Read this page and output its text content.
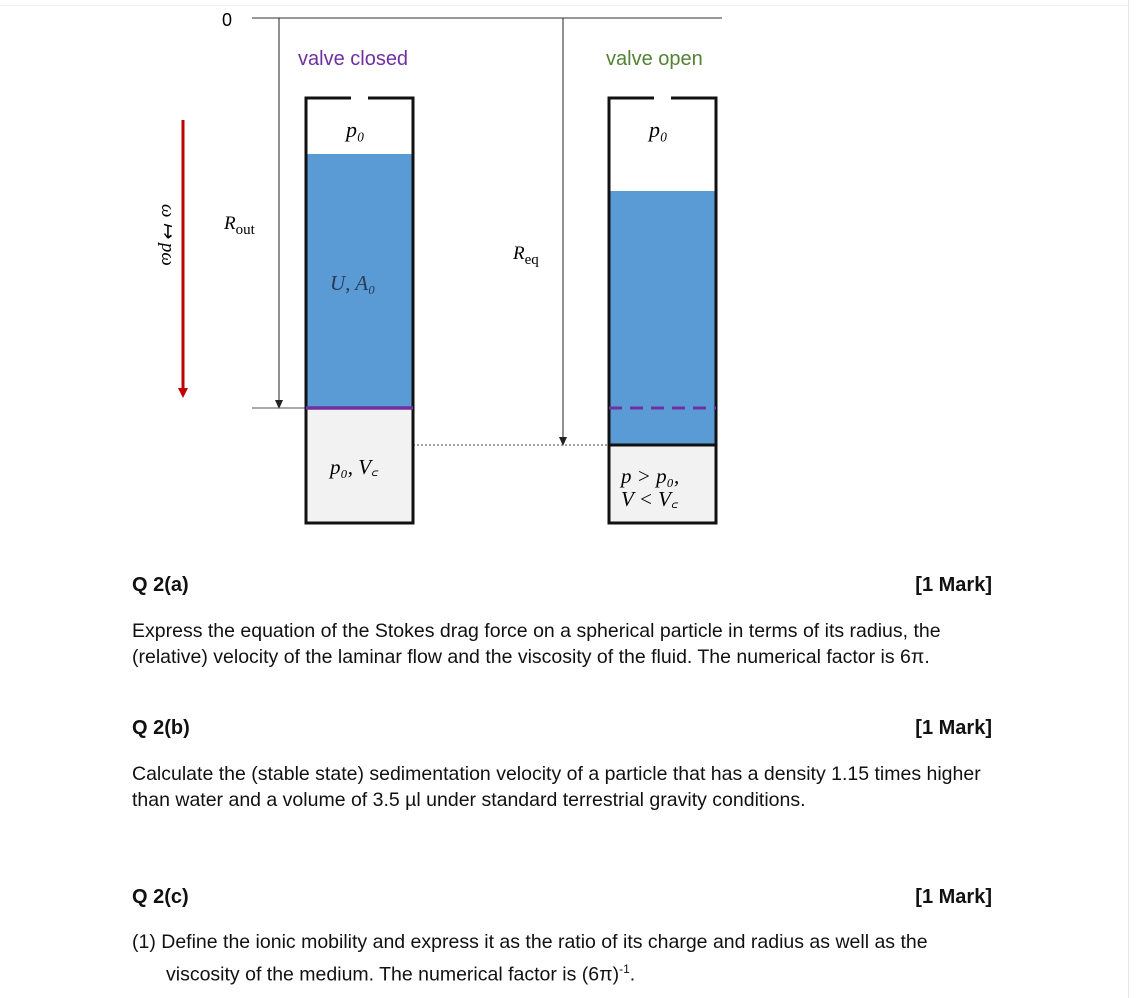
0
ω ↦ pω $R_{out}$
$R_{eq}$
valve closed
p₀
U, A₀
p₀, V꜀
valve open
p₀
p > p₀,
V < V꜀
Q 2(a)	[1 Mark]
Express the equation of the Stokes drag force on a spherical particle in terms of its radius, the (relative) velocity of the laminar flow and the viscosity of the fluid. The numerical factor is 6π.
Q 2(b)	[1 Mark]
Calculate the (stable state) sedimentation velocity of a particle that has a density 1.15 times higher than water and a volume of 3.5 µl under standard terrestrial gravity conditions.
Q 2(c)	[1 Mark]
(1) Define the ionic mobility and express it as the ratio of its charge and radius as well as the viscosity of the medium. The numerical factor is $(6\pi)^{-1}$.
